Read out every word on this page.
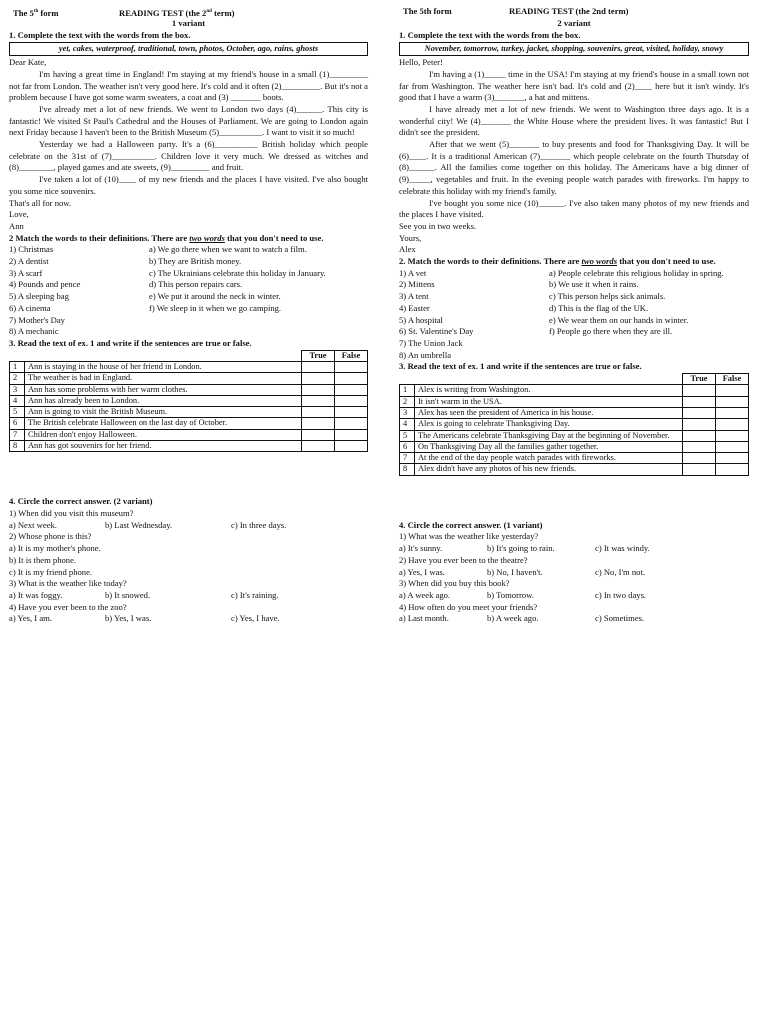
The 5th form	READING TEST (the 2nd term)
1 variant
1. Complete the text with the words from the box.
yet, cakes, waterproof, traditional, town, photos, October, ago, rains, ghosts
Dear Kate,
I'm having a great time in England! I'm staying at my friend's house in a small (1)_________ not far from London. The weather isn't very good here. It's cold and it often (2)_________. But it's not a problem because I have got some warm sweaters, a coat and (3) _______ boots.
I've already met a lot of new friends. We went to London two days (4)______. This city is fantastic! We visited St Paul's Cathedral and the Houses of Parliament. We are going to London again next Friday because I haven't been to the British Museum (5)__________. I want to visit it so much!
Yesterday we had a Halloween party. It's a (6)__________ British holiday which people celebrate on the 31st of (7)__________. Children love it very much. We dressed as witches and (8)________, played games and ate sweets, (9)_________ and fruit.
I've taken a lot of (10)____ of my new friends and the places I have visited. I've also bought you some nice souvenirs.
That's all for now.
Love,
Ann
2 Match the words to their definitions. There are two words that you don't need to use.
1) Christmas	a) We go there when we want to watch a film.
2) A dentist	b) They are British money.
3) A scarf	c) The Ukrainians celebrate this holiday in January.
4) Pounds and pence	d) This person repairs cars.
5) A sleeping bag	e) We put it around the neck in winter.
6) A cinema	f) We sleep in it when we go camping.
7) Mother's Day
8) A mechanic
3. Read the text of ex. 1 and write if the sentences are true or false.
		True	False
1	Ann is staying in the house of her friend in London.		
2	The weather is bad in England.		
3	Ann has some problems with her warm clothes.		
4	Ann has already been to London.		
5	Ann is going to visit the British Museum.		
6	The British celebrate Halloween on the last day of October.		
7	Children don't enjoy Halloween.		
8	Ann has got souvenirs for her friend.		
4. Circle the correct answer. (2 variant)
1) When did you visit this museum?
a) Next week.	b) Last Wednesday.	c) In three days.
2) Whose phone is this?
a) It is my mother's phone.
b) It is them phone.
c) It is my friend phone.
3) What is the weather like today?
a) It was foggy.	b) It snowed.	c) It's raining.
4) Have you ever been to the zoo?
a) Yes, I am.	b) Yes, I was.	c) Yes, I have.
The 5th form	READING TEST (the 2nd term)
2 variant
1. Complete the text with the words from the box.
November, tomorrow, turkey, jacket, shopping, souvenirs, great, visited, holiday, snowy
Hello, Peter!
I'm having a (1)_____ time in the USA! I'm staying at my friend's house in a small town not far from Washington. The weather here isn't bad. It's cold and (2)____ here but it isn't windy. It's good that I have a warm (3)_______, a hat and mittens.
I have already met a lot of new friends. We went to Washington three days ago. It is a wonderful city! We (4)_______ the White House where the president lives. It was fantastic! But I didn't see the president.
After that we went (5)_______ to buy presents and food for Thanksgiving Day. It will be (6)____. It is a traditional American (7)_______ which people celebrate on the fourth Thursday of (8)______. All the families come together on this holiday. The Americans have a big dinner of (9)_____, vegetables and fruit. In the evening people watch parades with fireworks. I'm happy to celebrate this holiday with my friend's family.
I've bought you some nice (10)______. I've also taken many photos of my new friends and the places I have visited.
See you in two weeks.
Yours,
Alex
2. Match the words to their definitions. There are two words that you don't need to use.
1) A vet	a) People celebrate this religious holiday in spring.
2) Mittens	b) We use it when it rains.
3) A tent	c) This person helps sick animals.
4) Easter	d) This is the flag of the UK.
5) A hospital	e) We wear them on our hands in winter.
6) St. Valentine's Day	f) People go there when they are ill.
7) The Union Jack
8) An umbrella
3. Read the text of ex. 1 and write if the sentences are true or false.
		True	False
1	Alex is writing from Washington.		
2	It isn't warm in the USA.		
3	Alex has seen the president of America in his house.		
4	Alex is going to celebrate Thanksgiving Day.		
5	The Americans celebrate Thanksgiving Day at the beginning of November.		
6	On Thanksgiving Day all the families gather together.		
7	At the end of the day people watch parades with fireworks.		
8	Alex didn't have any photos of his new friends.		
4. Circle the correct answer. (1 variant)
1) What was the weather like yesterday?
a) It's sunny.	b) It's going to rain.	c) It was windy.
2) Have you ever been to the theatre?
a) Yes, I was.	b) No, I haven't.	c) No, I'm not.
3) When did you buy this book?
a) A week ago.	b) Tomorrow.	c) In two days.
4) How often do you meet your friends?
a) Last month.	b) A week ago.	c) Sometimes.
